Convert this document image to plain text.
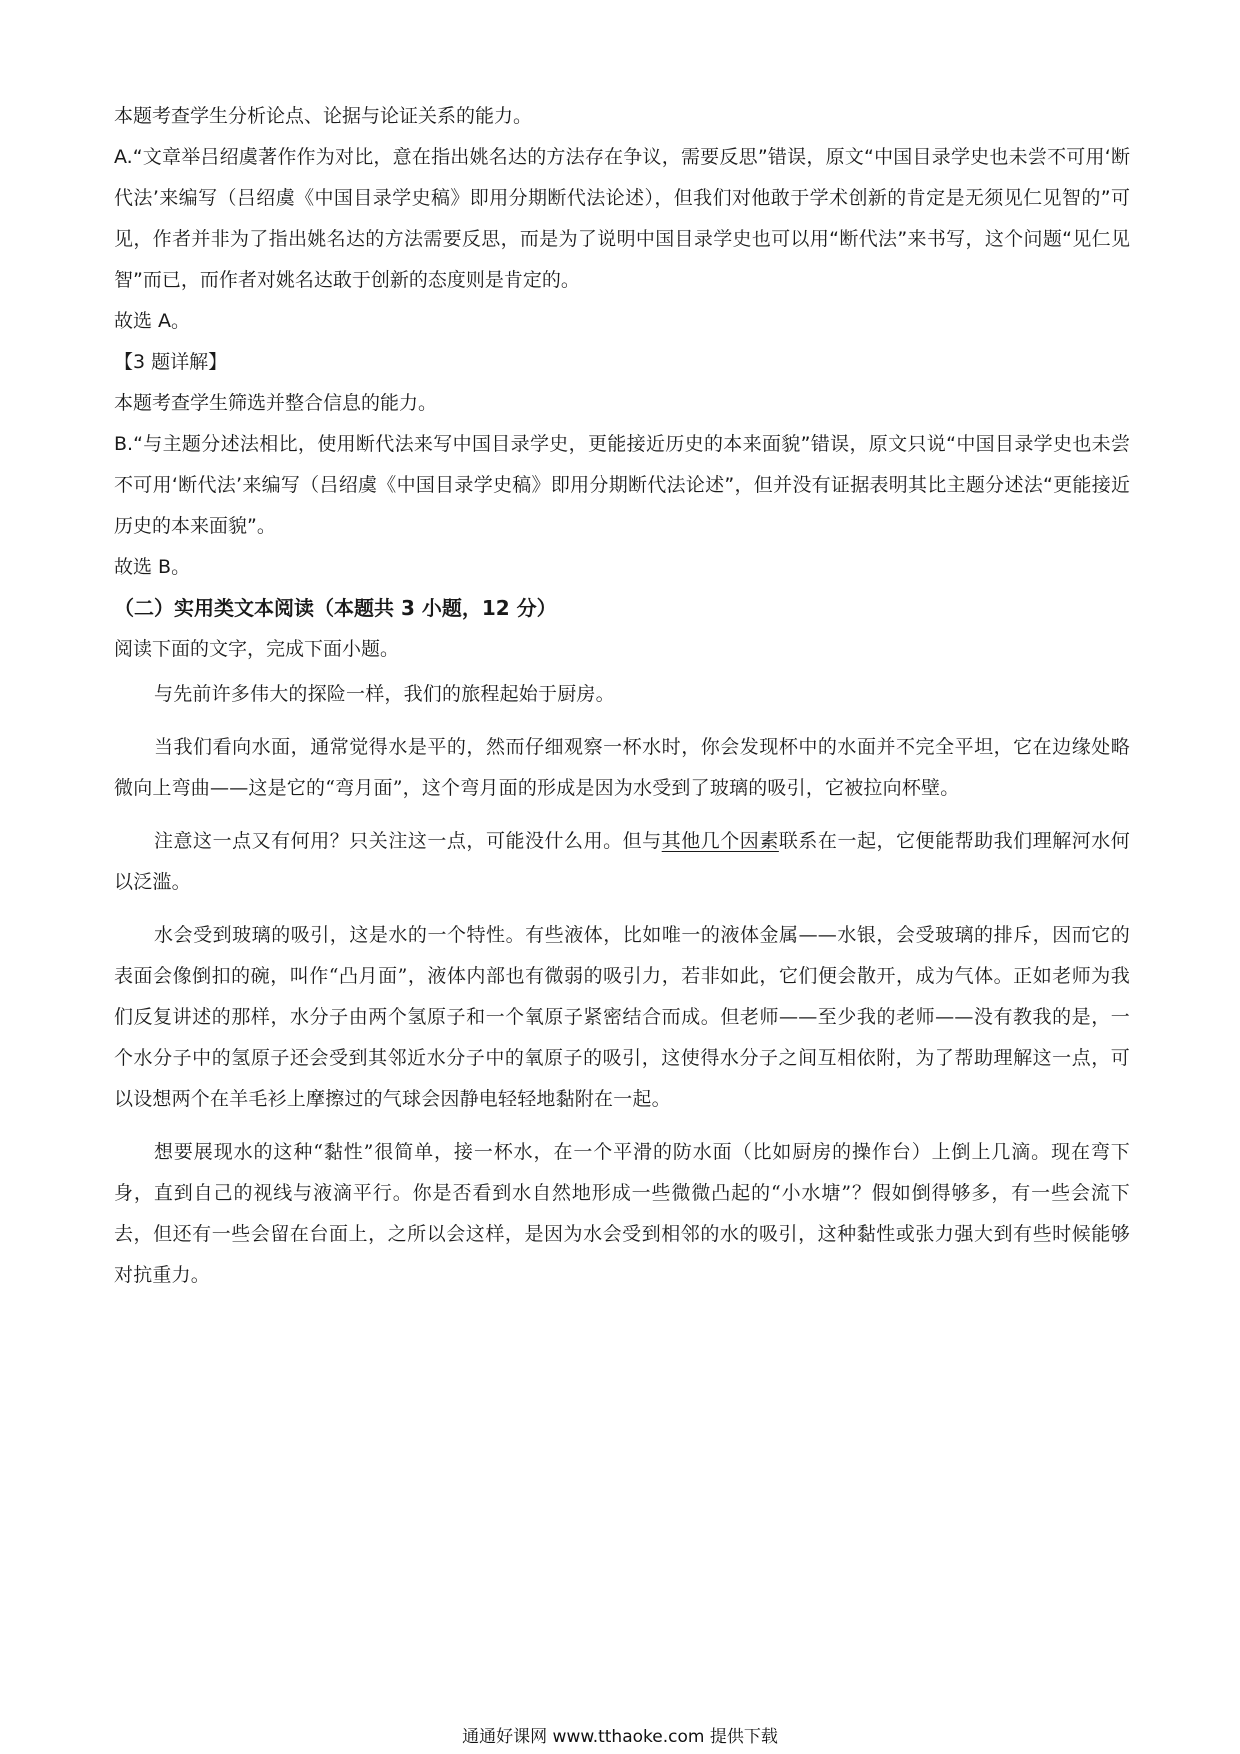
本题考查学生分析论点、论据与论证关系的能力。

A.“文章举吕绍虞著作作为对比，意在指出姚名达的方法存在争议，需要反思”错误，原文“中国目录学史也未尝不可用‘断代法’来编写（吕绍虞《中国目录学史稿》即用分期断代法论述），但我们对他敢于学术创新的肯定是无须见仁见智的”可见，作者并非为了指出姚名达的方法需要反思，而是为了说明中国目录学史也可以用“断代法”来书写，这个问题“见仁见智”而已，而作者对姚名达敢于创新的态度则是肯定的。

故选 A。

【3 题详解】

本题考查学生筛选并整合信息的能力。

B.“与主题分述法相比，使用断代法来写中国目录学史，更能接近历史的本来面貌”错误，原文只说“中国目录学史也未尝不可用‘断代法’来编写（吕绍虞《中国目录学史稿》即用分期断代法论述”，但并没有证据表明其比主题分述法“更能接近历史的本来面貌”。

故选 B。

（二）实用类文本阅读（本题共 3 小题，12 分）

阅读下面的文字，完成下面小题。

与先前许多伟大的探险一样，我们的旅程起始于厨房。

当我们看向水面，通常觉得水是平的，然而仔细观察一杯水时，你会发现杯中的水面并不完全平坦，它在边缘处略微向上弯曲——这是它的“弯月面”，这个弯月面的形成是因为水受到了玻璃的吸引，它被拉向杯壁。

注意这一点又有何用？只关注这一点，可能没什么用。但与其他几个因素联系在一起，它便能帮助我们理解河水何以泛滥。

水会受到玻璃的吸引，这是水的一个特性。有些液体，比如唯一的液体金属——水银，会受玻璃的排斥，因而它的表面会像倒扣的碗，叫作“凸月面”，液体内部也有微弱的吸引力，若非如此，它们便会散开，成为气体。正如老师为我们反复讲述的那样，水分子由两个氢原子和一个氧原子紧密结合而成。但老师——至少我的老师——没有教我的是，一个水分子中的氢原子还会受到其邻近水分子中的氧原子的吸引，这使得水分子之间互相依附，为了帮助理解这一点，可以设想两个在羊毛衫上摩擦过的气球会因静电轻轻地黏附在一起。

想要展现水的这种“黏性”很简单，接一杯水，在一个平滑的防水面（比如厨房的操作台）上倒上几滴。现在弯下身，直到自己的视线与液滴平行。你是否看到水自然地形成一些微微凸起的“小水塘”？假如倒得够多，有一些会流下去，但还有一些会留在台面上，之所以会这样，是因为水会受到相邻的水的吸引，这种黏性或张力强大到有些时候能够对抗重力。

通通好课网 www.tthaoke.com 提供下载
